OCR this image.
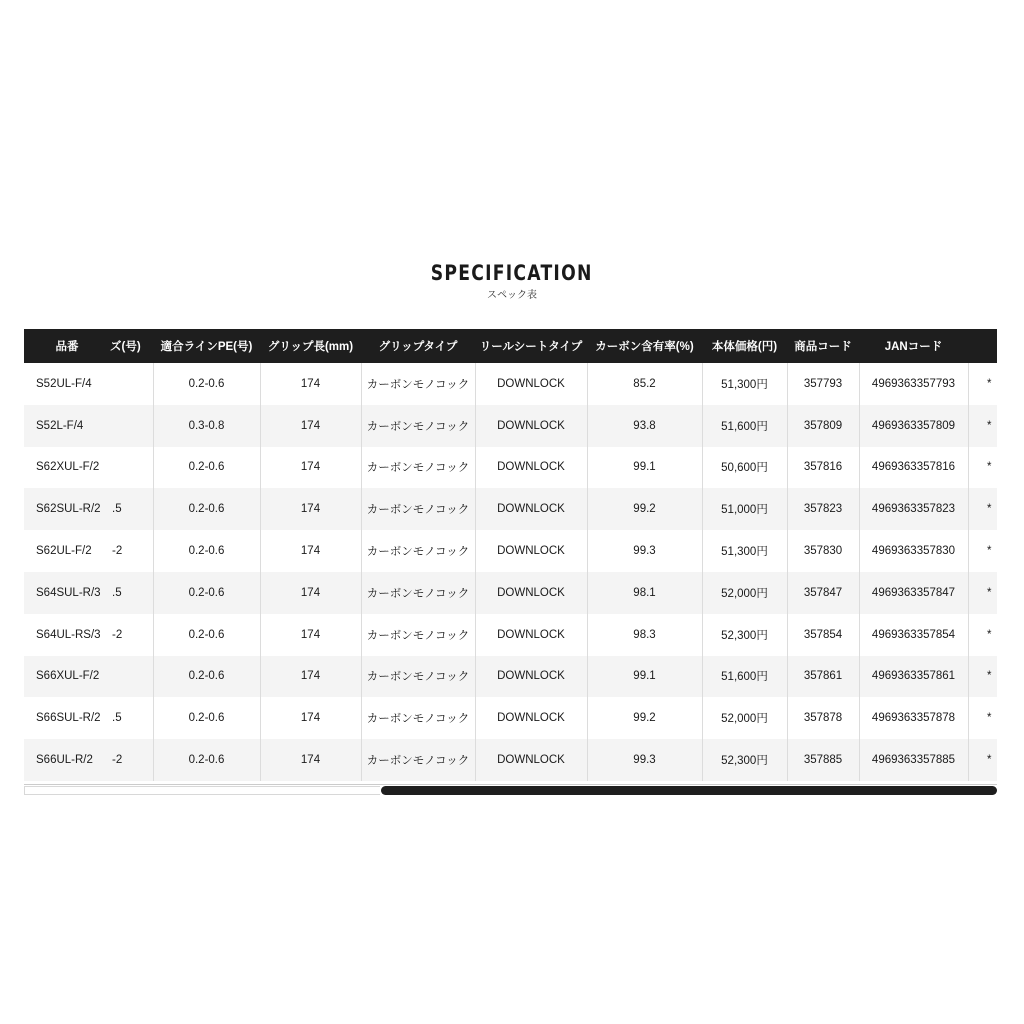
SPECIFICATION
スペック表
品番	ズ(号)	適合ラインPE(号)	グリップ長(mm)	グリップタイプ	リールシートタイプ	カーボン含有率(%)	本体価格(円)	商品コード	JANコード	
S52UL-F/4		0.2-0.6	174	カーボンモノコック	DOWNLOCK	85.2	51,300円	357793	4969363357793	*
S52L-F/4		0.3-0.8	174	カーボンモノコック	DOWNLOCK	93.8	51,600円	357809	4969363357809	*
S62XUL-F/2		0.2-0.6	174	カーボンモノコック	DOWNLOCK	99.1	50,600円	357816	4969363357816	*
S62SUL-R/2	.5	0.2-0.6	174	カーボンモノコック	DOWNLOCK	99.2	51,000円	357823	4969363357823	*
S62UL-F/2	-2	0.2-0.6	174	カーボンモノコック	DOWNLOCK	99.3	51,300円	357830	4969363357830	*
S64SUL-R/3	.5	0.2-0.6	174	カーボンモノコック	DOWNLOCK	98.1	52,000円	357847	4969363357847	*
S64UL-RS/3	-2	0.2-0.6	174	カーボンモノコック	DOWNLOCK	98.3	52,300円	357854	4969363357854	*
S66XUL-F/2		0.2-0.6	174	カーボンモノコック	DOWNLOCK	99.1	51,600円	357861	4969363357861	*
S66SUL-R/2	.5	0.2-0.6	174	カーボンモノコック	DOWNLOCK	99.2	52,000円	357878	4969363357878	*
S66UL-R/2	-2	0.2-0.6	174	カーボンモノコック	DOWNLOCK	99.3	52,300円	357885	4969363357885	*
